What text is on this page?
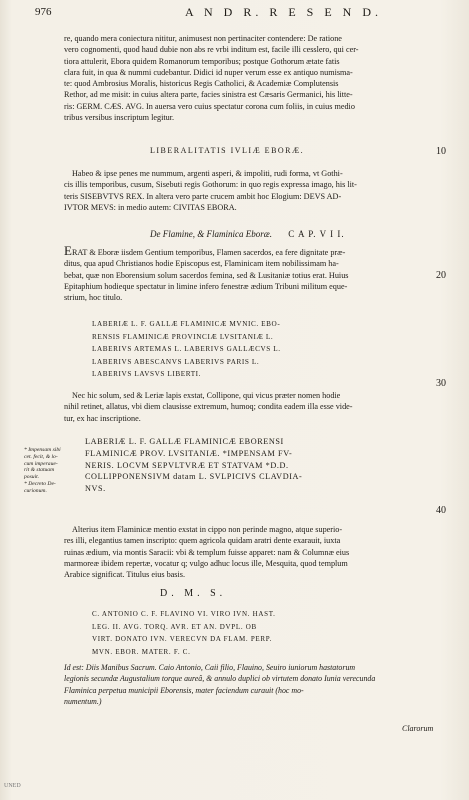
976	A N D R. R E S E N D.
re, quando mera coniectura nititur, animusest non pertinaciter contendere: De ratione
vero cognomenti, quod haud dubie non abs re vrbi inditum est, facile illi cesslero, qui cer-
tiora attulerit, Ebora quidem Romanorum temporibus; postque Gothorum ætate fatis
clara fuit, in qua & nummi cudebantur. Didici id nuper verum esse ex antiquo numisma-
te: quod Ambrosius Moralis, historicus Regis Catholici, & Academiæ Complutensis
Rethor, ad me misit: in cuius altera parte, facies sinistra est Cæsaris Germanici, his litte-
ris: GERM. CÆS. AVG. In auersa vero cuius spectatur corona cum foliis, in cuius medio
tribus versibus inscriptum legitur.
LIBERALITATIS IVLIÆ EBORÆ.	10
Habeo & ipse penes me nummum, argenti asperi, & impoliti, rudi forma, vt Gothi-
cis illis temporibus, cusum, Sisebuti regis Gothorum: in quo regis expressa imago, his lit-
teris SISEBVTVS REX. In altera vero parte crucem ambit hoc Elogium: DEVS AD-
IVTOR MEVS: in medio autem: CIVITAS EBORA.
De Flamine, & Flaminica Eboræ. C A P. V I I.
ERAT & Eboræ iisdem Gentium temporibus, Flamen sacerdos, ea fere dignitate præ-
ditus, qua apud Christianos hodie Episcopus est, Flaminicam item nobilissimam ha-
bebat, quæ non Eborensium solum sacerdos femina, sed & Lusitaniæ totius erat. Huius
Epitaphium hodieque spectatur in limine infero fenestræ ædium Tribuni militum eque-
strium, hoc titulo.
20
LABERIÆ L. F. GALLÆ FLAMINICÆ MVNIC. EBO-
RENSIS FLAMINICÆ PROVINCIÆ LVSITANIÆ L.
LABERIVS ARTEMAS L. LABERIVS GALLÆCVS L.
LABERIVS ABESCANVS LABERIVS PARIS L.
LABERIVS LAVSVS LIBERTI.
Nec hic solum, sed & Leriæ lapis exstat, Collipone, qui vicus præter nomen hodie
nihil retinet, allatus, vbi diem clausisse extremum, humoq; condita eadem illa esse vide-
tur, ex hac inscriptione.
30
* Impensam sibi
cet. fecit, & lo-
cum imperaue-
rit & statuam
posuit.
* Decreto De-
curionum.
LABERIÆ L. F. GALLÆ FLAMINICÆ EBORENSI
FLAMINICÆ PROV. LVSITANIÆ. *IMPENSAM FV-
NERIS. LOCVM SEPVLTVRÆ ET STATVAM *D.D.
COLLIPPONENSIVM datam L. SVLPICIVS CLAVDIA-
NVS.
40
Alterius item Flaminicæ mentio exstat in cippo non perinde magno, atque superio-
res illi, elegantius tamen inscripto: quem agricola quidam aratri dente exarauit, iuxta
ruinas ædium, via montis Saracii: vbi & templum fuisse apparet: nam & Columnæ eius
marmoreæ ibidem repertæ, vocatur q; vulgo adhuc locus ille, Mesquita, quod templum
Arabice significat. Titulus eius basis.
D. M. S.
C. ANTONIO C. F. FLAVINO VI. VIRO IVN. HAST.
LEG. II. AVG. TORQ. AVR. ET AN. DVPL. OB
VIRT. DONATO IVN. VERECVN DA FLAM. PERP.
MVN. EBOR. MATER. F. C.
Id est: Diis Manibus Sacrum. Caio Antonio, Caii filio, Flauino, Seuiro iuniorum hastatorum
legionis secundæ Augustalium torque aureâ, & annulo duplici ob virtutem donato Iunia verecunda
Flaminica perpetua municipii Eborensis, mater faciendum curauit (hoc mo-
numentum.)
Clarorum
UNED
